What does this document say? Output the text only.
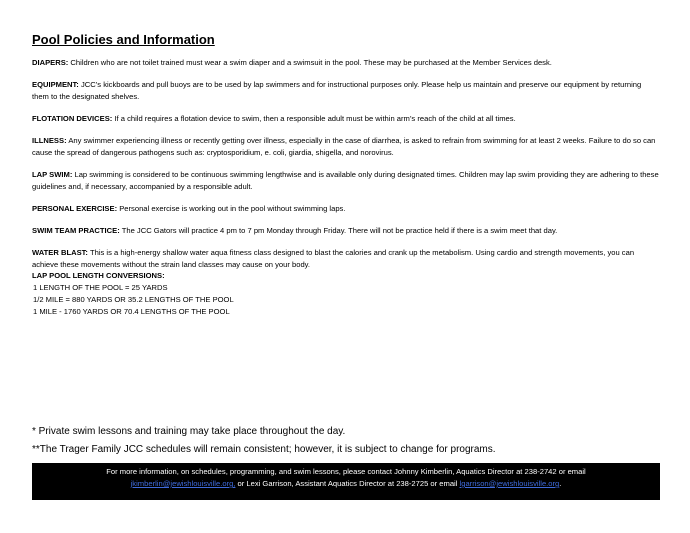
Pool Policies and Information

DIAPERS: Children who are not toilet trained must wear a swim diaper and a swimsuit in the pool. These may be purchased at the Member Services desk.

EQUIPMENT: JCC’s kickboards and pull buoys are to be used by lap swimmers and for instructional purposes only. Please help us maintain and preserve our equipment by returning them to the designated shelves.

FLOTATION DEVICES: If a child requires a flotation device to swim, then a responsible adult must be within arm’s reach of the child at all times.

ILLNESS: Any swimmer experiencing illness or recently getting over illness, especially in the case of diarrhea, is asked to refrain from swimming for at least 2 weeks. Failure to do so can cause the spread of dangerous pathogens such as: cryptosporidium, e. coli, giardia, shigella, and norovirus.

LAP SWIM: Lap swimming is considered to be continuous swimming lengthwise and is available only during designated times. Children may lap swim providing they are adhering to these guidelines and, if necessary, accompanied by a responsible adult.

PERSONAL EXERCISE: Personal exercise is working out in the pool without swimming laps.

SWIM TEAM PRACTICE: The JCC Gators will practice 4 pm to 7 pm Monday through Friday. There will not be practice held if there is a swim meet that day.

WATER BLAST: This is a high-energy shallow water aqua fitness class designed to blast the calories and crank up the metabolism. Using cardio and strength movements, you can achieve these movements without the strain land classes may cause on your body.

LAP POOL LENGTH CONVERSIONS:
1 LENGTH OF THE POOL = 25 YARDS
1/2 MILE = 880 YARDS OR 35.2 LENGTHS OF THE POOL
1 MILE - 1760 YARDS OR 70.4 LENGTHS OF THE POOL
* Private swim lessons and training may take place throughout the day.
**The Trager Family JCC schedules will remain consistent; however, it is subject to change for programs.
For more information, on schedules, programming, and swim lessons, please contact Johnny Kimberlin, Aquatics Director at 238-2742 or email
jkimberlin@jewishlouisville.org, or Lexi Garrison, Assistant Aquatics Director at 238-2725 or email lgarrison@jewishlouisville.org.
